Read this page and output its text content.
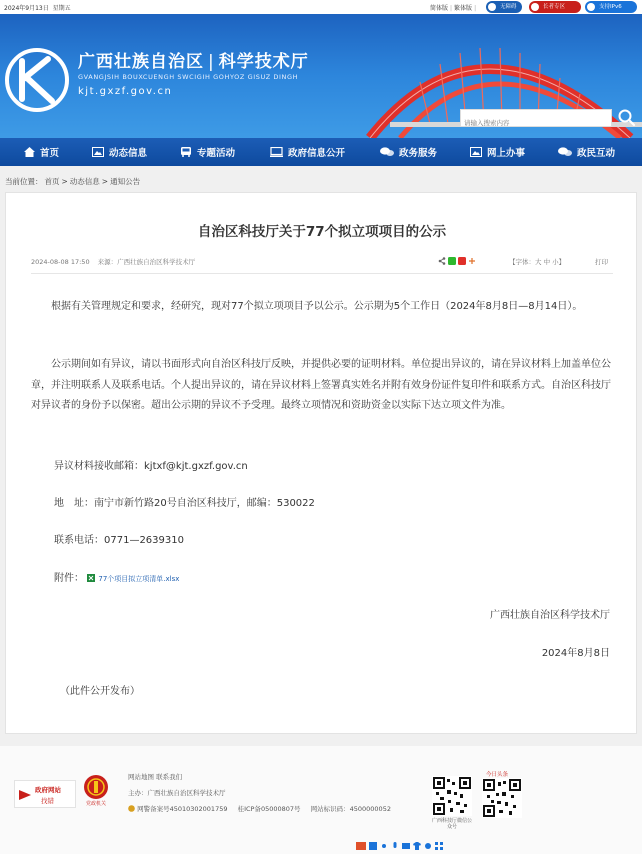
2024年9月13日 星期五	简体版 | 繁体版 |	无障碍	长者专区	支持IPv6
广西壮族自治区 | 科学技术厅
GVANGJSIH BOUXCUENGH SWCIGIH GOHYOZ GISUZ DINGH
kjt.gxzf.gov.cn
请输入搜索内容
首页	动态信息	专题活动	政府信息公开	政务服务	网上办事	政民互动
当前位置： 首页 > 动态信息 > 通知公告
自治区科技厅关于77个拟立项项目的公示
2024-08-08 17:50 来源：广西壮族自治区科学技术厅	【字体：大 中 小】	打印
根据有关管理规定和要求，经研究，现对77个拟立项项目予以公示。公示期为5个工作日（2024年8月8日—8月14日）。
公示期间如有异议，请以书面形式向自治区科技厅反映，并提供必要的证明材料。单位提出异议的，请在异议材料上加盖单位公章，并注明联系人及联系电话。个人提出异议的，请在异议材料上签署真实姓名并附有效身份证件复印件和联系方式。自治区科技厅对异议者的身份予以保密。超出公示期的异议不予受理。最终立项情况和资助资金以实际下达立项文件为准。
异议材料接收邮箱：kjtxf@kjt.gxzf.gov.cn
地　址：南宁市新竹路20号自治区科技厅，邮编：530022
联系电话：0771—2639310
附件： 77个项目拟立项清单.xlsx
广西壮族自治区科学技术厅
2024年8月8日
（此件公开发布）
政府网站
找错	党政机关
网站地图 联系我们
主办：广西壮族自治区科学技术厅
网警备案号45010302001759 桂ICP备05000807号 网站标识码：4500000052
广西科技厅微信公众号
今日头条
